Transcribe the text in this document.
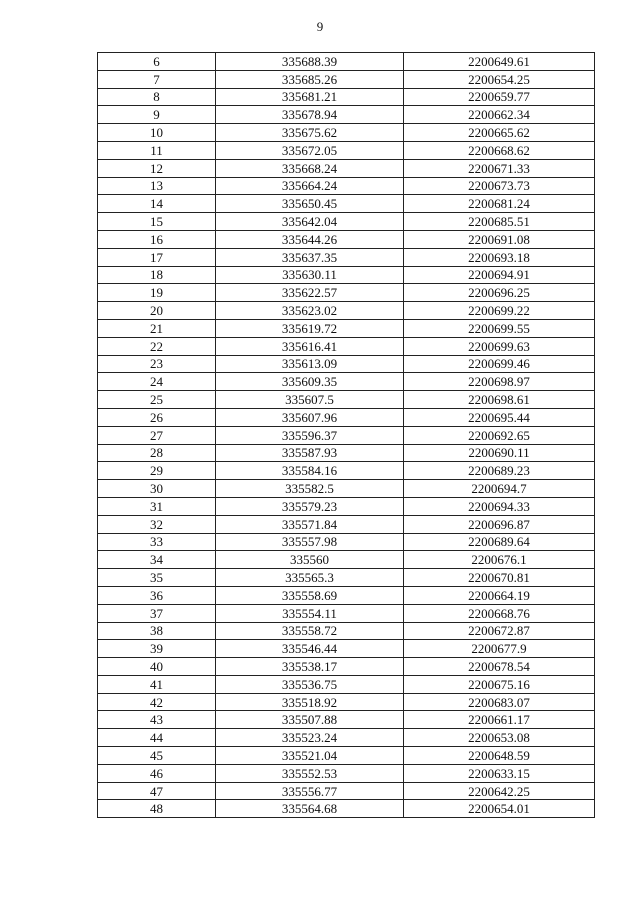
9
6	335688.39	2200649.61
7	335685.26	2200654.25
8	335681.21	2200659.77
9	335678.94	2200662.34
10	335675.62	2200665.62
11	335672.05	2200668.62
12	335668.24	2200671.33
13	335664.24	2200673.73
14	335650.45	2200681.24
15	335642.04	2200685.51
16	335644.26	2200691.08
17	335637.35	2200693.18
18	335630.11	2200694.91
19	335622.57	2200696.25
20	335623.02	2200699.22
21	335619.72	2200699.55
22	335616.41	2200699.63
23	335613.09	2200699.46
24	335609.35	2200698.97
25	335607.5	2200698.61
26	335607.96	2200695.44
27	335596.37	2200692.65
28	335587.93	2200690.11
29	335584.16	2200689.23
30	335582.5	2200694.7
31	335579.23	2200694.33
32	335571.84	2200696.87
33	335557.98	2200689.64
34	335560	2200676.1
35	335565.3	2200670.81
36	335558.69	2200664.19
37	335554.11	2200668.76
38	335558.72	2200672.87
39	335546.44	2200677.9
40	335538.17	2200678.54
41	335536.75	2200675.16
42	335518.92	2200683.07
43	335507.88	2200661.17
44	335523.24	2200653.08
45	335521.04	2200648.59
46	335552.53	2200633.15
47	335556.77	2200642.25
48	335564.68	2200654.01
